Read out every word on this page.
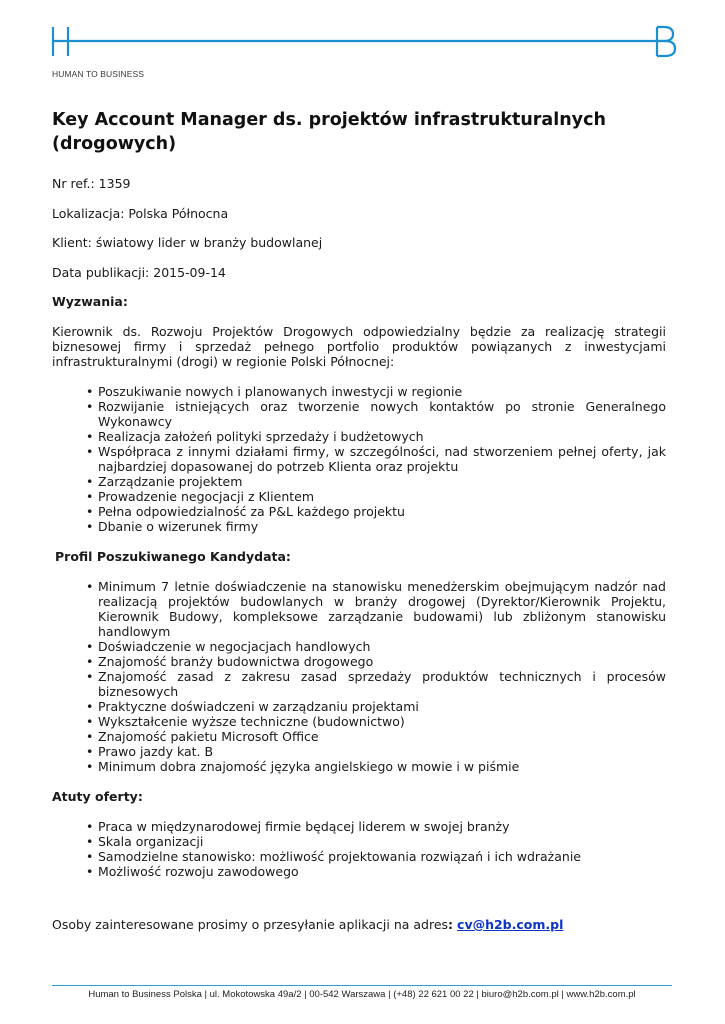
HUMAN TO BUSINESS

Key Account Manager ds. projektów infrastrukturalnych (drogowych)

Nr ref.: 1359

Lokalizacja: Polska Północna

Klient: światowy lider w branży budowlanej

Data publikacji: 2015-09-14

Wyzwania:

Kierownik ds. Rozwoju Projektów Drogowych odpowiedzialny będzie za realizację strategii biznesowej firmy i sprzedaż pełnego portfolio produktów powiązanych z inwestycjami infrastrukturalnymi (drogi) w regionie Polski Północnej:

• Poszukiwanie nowych i planowanych inwestycji w regionie
• Rozwijanie istniejących oraz tworzenie nowych kontaktów po stronie Generalnego Wykonawcy
• Realizacja założeń polityki sprzedaży i budżetowych
• Współpraca z innymi działami firmy, w szczególności, nad stworzeniem pełnej oferty, jak najbardziej dopasowanej do potrzeb Klienta oraz projektu
• Zarządzanie projektem
• Prowadzenie negocjacji z Klientem
• Pełna odpowiedzialność za P&L każdego projektu
• Dbanie o wizerunek firmy

Profil Poszukiwanego Kandydata:

• Minimum 7 letnie doświadczenie na stanowisku menedżerskim obejmującym nadzór nad realizacją projektów budowlanych w branży drogowej (Dyrektor/Kierownik Projektu, Kierownik Budowy, kompleksowe zarządzanie budowami) lub zbliżonym stanowisku handlowym
• Doświadczenie w negocjacjach handlowych
• Znajomość branży budownictwa drogowego
• Znajomość zasad z zakresu zasad sprzedaży produktów technicznych i procesów biznesowych
• Praktyczne doświadczeni w zarządzaniu projektami
• Wykształcenie wyższe techniczne (budownictwo)
• Znajomość pakietu Microsoft Office
• Prawo jazdy kat. B
• Minimum dobra znajomość języka angielskiego w mowie i w piśmie

Atuty oferty:

• Praca w międzynarodowej firmie będącej liderem w swojej branży
• Skala organizacji
• Samodzielne stanowisko: możliwość projektowania rozwiązań i ich wdrażanie
• Możliwość rozwoju zawodowego

Osoby zainteresowane prosimy o przesyłanie aplikacji na adres: cv@h2b.com.pl

Human to Business Polska | ul. Mokotowska 49a/2 | 00-542 Warszawa | (+48) 22 621 00 22 | biuro@h2b.com.pl | www.h2b.com.pl
